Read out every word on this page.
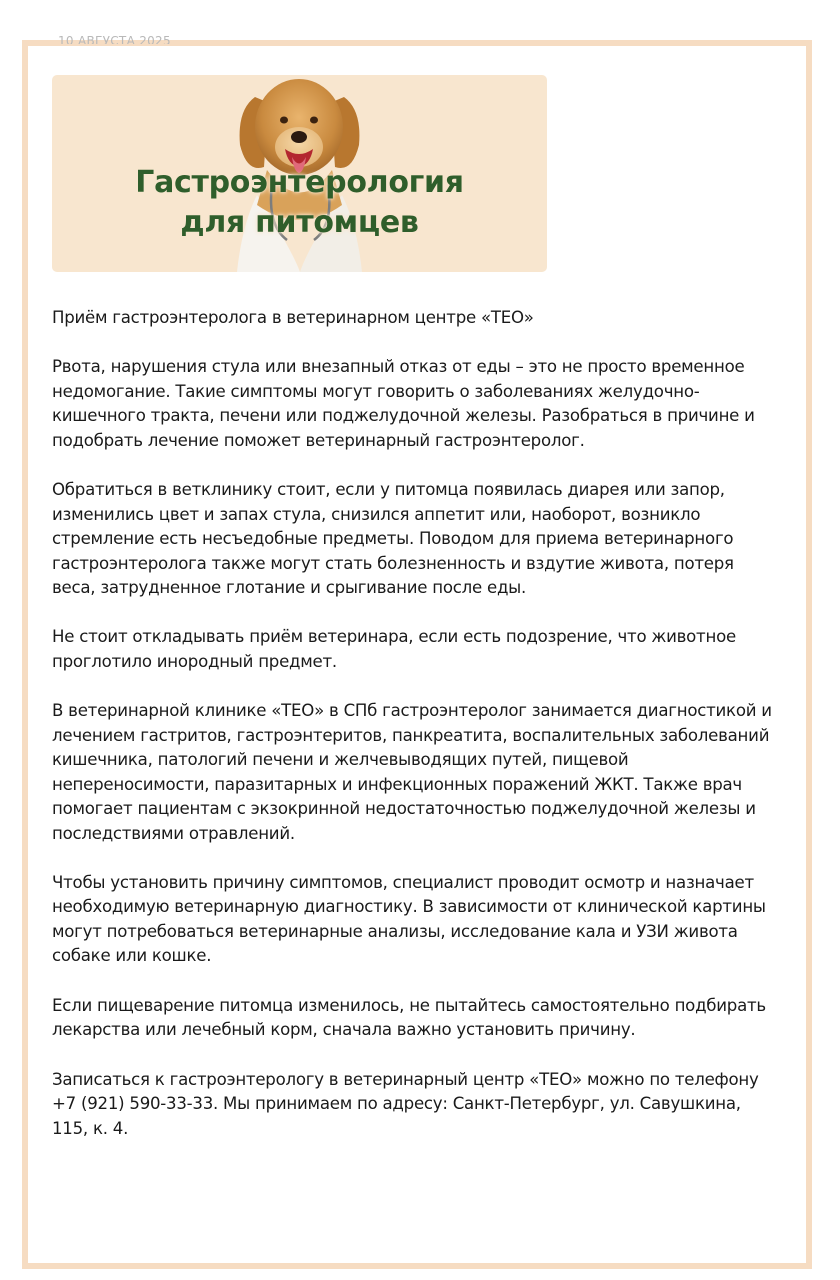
10 АВГУСТА 2025
Гастроэнтерология
для питомцев

Приём гастроэнтеролога в ветеринарном центре «ТЕО»

Рвота, нарушения стула или внезапный отказ от еды – это не просто временное недомогание. Такие симптомы могут говорить о заболеваниях желудочно-кишечного тракта, печени или поджелудочной железы. Разобраться в причине и подобрать лечение поможет ветеринарный гастроэнтеролог.

Обратиться в ветклинику стоит, если у питомца появилась диарея или запор, изменились цвет и запах стула, снизился аппетит или, наоборот, возникло стремление есть несъедобные предметы. Поводом для приема ветеринарного гастроэнтеролога также могут стать болезненность и вздутие живота, потеря веса, затрудненное глотание и срыгивание после еды.

Не стоит откладывать приём ветеринара, если есть подозрение, что животное проглотило инородный предмет.

В ветеринарной клинике «ТЕО» в СПб гастроэнтеролог занимается диагностикой и лечением гастритов, гастроэнтеритов, панкреатита, воспалительных заболеваний кишечника, патологий печени и желчевыводящих путей, пищевой непереносимости, паразитарных и инфекционных поражений ЖКТ. Также врач помогает пациентам с экзокринной недостаточностью поджелудочной железы и последствиями отравлений.

Чтобы установить причину симптомов, специалист проводит осмотр и назначает необходимую ветеринарную диагностику. В зависимости от клинической картины могут потребоваться ветеринарные анализы, исследование кала и УЗИ живота собаке или кошке.

Если пищеварение питомца изменилось, не пытайтесь самостоятельно подбирать лекарства или лечебный корм, сначала важно установить причину.

Записаться к гастроэнтерологу в ветеринарный центр «ТЕО» можно по телефону +7 (921) 590-33-33. Мы принимаем по адресу: Санкт-Петербург, ул. Савушкина, 115, к. 4.
